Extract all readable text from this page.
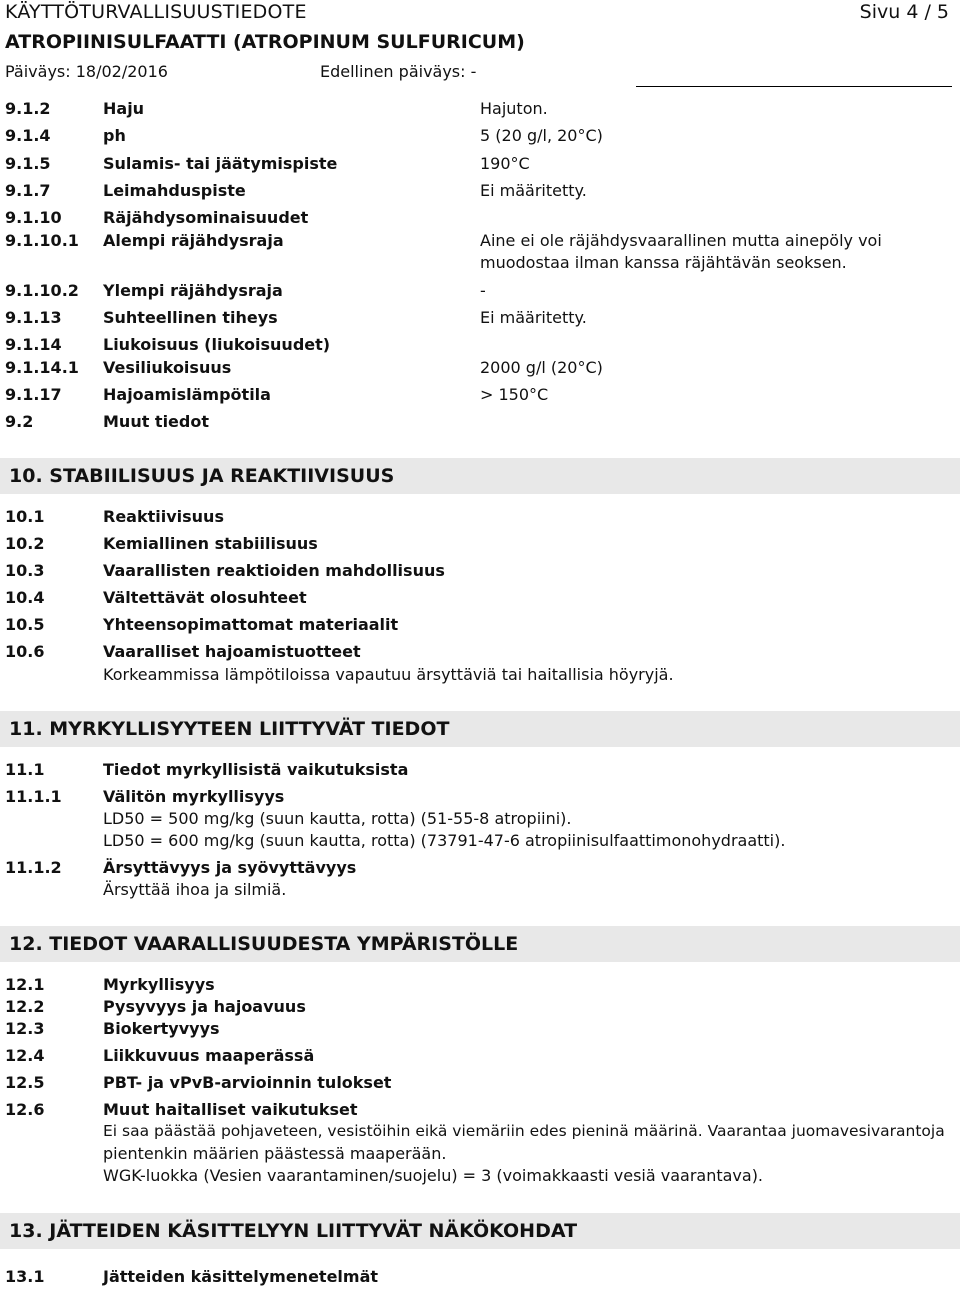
KÄYTTÖTURVALLISUUSTIEDOTE	Sivu 4 / 5
ATROPIINISULFAATTI (ATROPINUM SULFURICUM)
Päiväys: 18/02/2016	Edellinen päiväys: -
9.1.2	Haju	Hajuton.
9.1.4	ph	5 (20 g/l, 20°C)
9.1.5	Sulamis- tai jäätymispiste	190°C
9.1.7	Leimahduspiste	Ei määritetty.
9.1.10	Räjähdysominaisuudet
9.1.10.1 Alempi räjähdysraja	Aine ei ole räjähdysvaarallinen mutta ainepöly voi
muodostaa ilman kanssa räjähtävän seoksen.
9.1.10.2 Ylempi räjähdysraja	-
9.1.13	Suhteellinen tiheys	Ei määritetty.
9.1.14	Liukoisuus (liukoisuudet)
9.1.14.1 Vesiliukoisuus	2000 g/l (20°C)
9.1.17	Hajoamislämpötila	> 150°C
9.2	Muut tiedot
10. STABIILISUUS JA REAKTIIVISUUS
10.1	Reaktiivisuus
10.2	Kemiallinen stabiilisuus
10.3	Vaarallisten reaktioiden mahdollisuus
10.4	Vältettävät olosuhteet
10.5	Yhteensopimattomat materiaalit
10.6	Vaaralliset hajoamistuotteet
Korkeammissa lämpötiloissa vapautuu ärsyttäviä tai haitallisia höyryjä.
11. MYRKYLLISYYTEEN LIITTYVÄT TIEDOT
11.1	Tiedot myrkyllisistä vaikutuksista
11.1.1	Välitön myrkyllisyys
LD50 = 500 mg/kg (suun kautta, rotta) (51-55-8 atropiini).
LD50 = 600 mg/kg (suun kautta, rotta) (73791-47-6 atropiinisulfaattimonohydraatti).
11.1.2	Ärsyttävyys ja syövyttävyys
Ärsyttää ihoa ja silmiä.
12. TIEDOT VAARALLISUUDESTA YMPÄRISTÖLLE
12.1	Myrkyllisyys
12.2	Pysyvyys ja hajoavuus
12.3	Biokertyvyys
12.4	Liikkuvuus maaperässä
12.5	PBT- ja vPvB-arvioinnin tulokset
12.6	Muut haitalliset vaikutukset
Ei saa päästää pohjaveteen, vesistöihin eikä viemäriin edes pieninä määrinä. Vaarantaa juomavesivarantoja
pientenkin määrien päästessä maaperään.
WGK-luokka (Vesien vaarantaminen/suojelu) = 3 (voimakkaasti vesiä vaarantava).
13. JÄTTEIDEN KÄSITTELYYN LIITTYVÄT NÄKÖKOHDAT
13.1	Jätteiden käsittelymenetelmät
